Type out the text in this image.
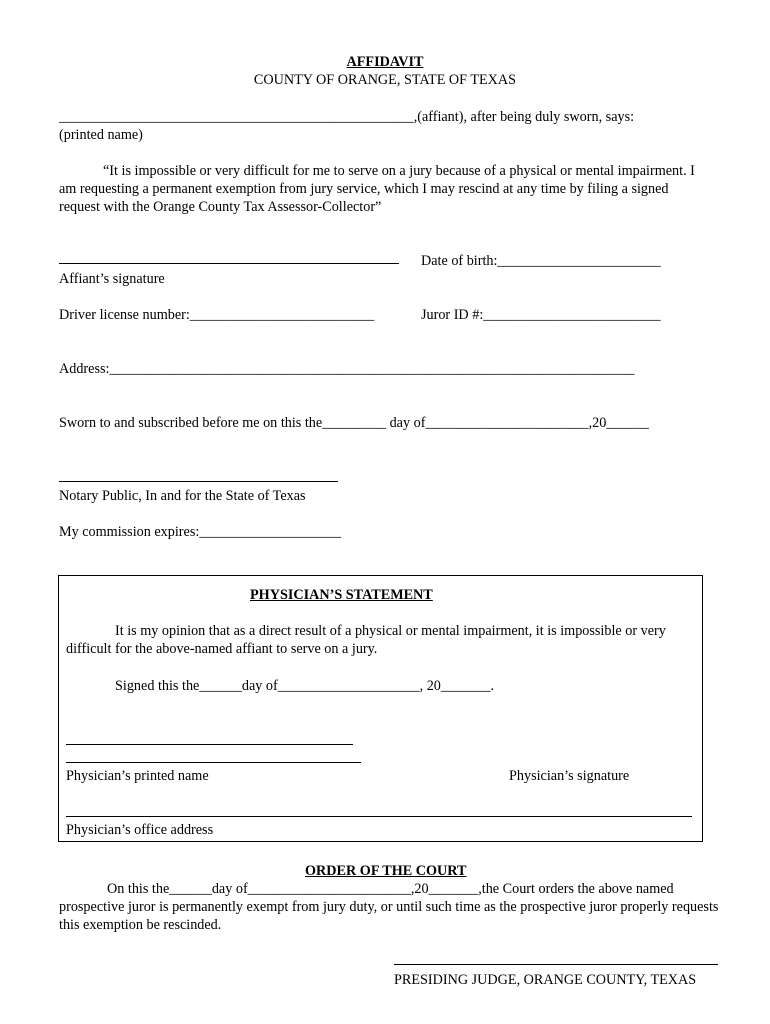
AFFIDAVIT
COUNTY OF ORANGE, STATE OF TEXAS
__________________________________________________,(affiant), after being duly sworn, says:
(printed name)
“It is impossible or very difficult for me to serve on a jury because of a physical or mental impairment. I am requesting a permanent exemption from jury service, which I may rescind at any time by filing a signed request with the Orange County Tax Assessor-Collector”
Affiant’s signature
Date of birth:_______________________
Driver license number:__________________________	Juror ID #:_________________________
Address:__________________________________________________________________________
Sworn to and subscribed before me on this the_________ day of_______________________,20______
Notary Public, In and for the State of Texas
My commission expires:____________________
PHYSICIAN’S STATEMENT
It is my opinion that as a direct result of a physical or mental impairment, it is impossible or very difficult for the above-named affiant to serve on a jury.
Signed this the______day of____________________, 20_______.
Physician’s printed name	Physician’s signature
Physician’s office address
ORDER OF THE COURT
On this the______day of_______________________,20_______,the Court orders the above named prospective juror is permanently exempt from jury duty, or until such time as the prospective juror properly requests this exemption be rescinded.
PRESIDING JUDGE, ORANGE COUNTY, TEXAS
